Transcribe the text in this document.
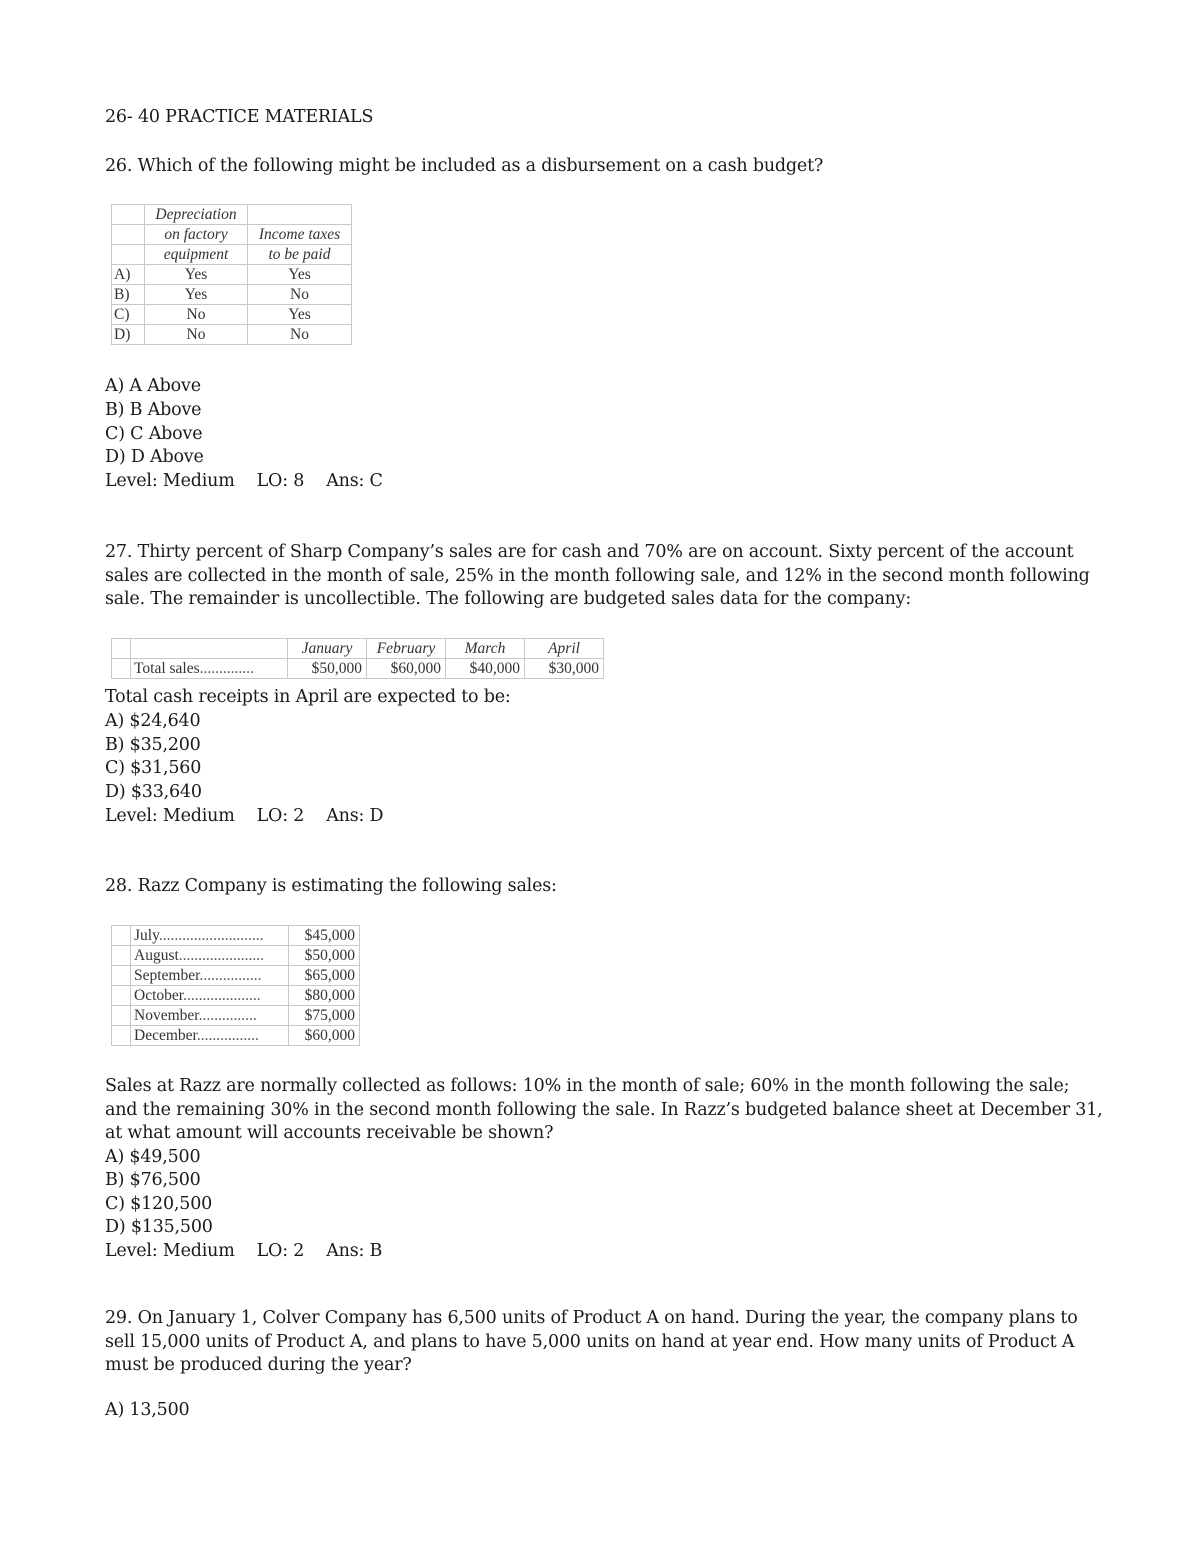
26- 40 PRACTICE MATERIALS
26. Which of the following might be included as a disbursement on a cash budget?
	Depreciation	
	on factory	Income taxes
	equipment	to be paid
A)	Yes	Yes
B)	Yes	No
C)	No	Yes
D)	No	No
A) A Above
B) B Above
C) C Above
D) D Above
Level: Medium LO: 8 Ans: C
27. Thirty percent of Sharp Company’s sales are for cash and 70% are on account. Sixty percent of the account sales are collected in the month of sale, 25% in the month following sale, and 12% in the second month following sale. The remainder is uncollectible. The following are budgeted sales data for the company:
		January	February	March	April
	Total sales..............	$50,000	$60,000	$40,000	$30,000
Total cash receipts in April are expected to be:
A) $24,640
B) $35,200
C) $31,560
D) $33,640
Level: Medium LO: 2 Ans: D
28. Razz Company is estimating the following sales:
	July...........................	$45,000
	August......................	$50,000
	September................	$65,000
	October....................	$80,000
	November...............	$75,000
	December................	$60,000
Sales at Razz are normally collected as follows: 10% in the month of sale; 60% in the month following the sale; and the remaining 30% in the second month following the sale. In Razz’s budgeted balance sheet at December 31, at what amount will accounts receivable be shown?
A) $49,500
B) $76,500
C) $120,500
D) $135,500
Level: Medium LO: 2 Ans: B
29. On January 1, Colver Company has 6,500 units of Product A on hand. During the year, the company plans to sell 15,000 units of Product A, and plans to have 5,000 units on hand at year end. How many units of Product A must be produced during the year?
A) 13,500
